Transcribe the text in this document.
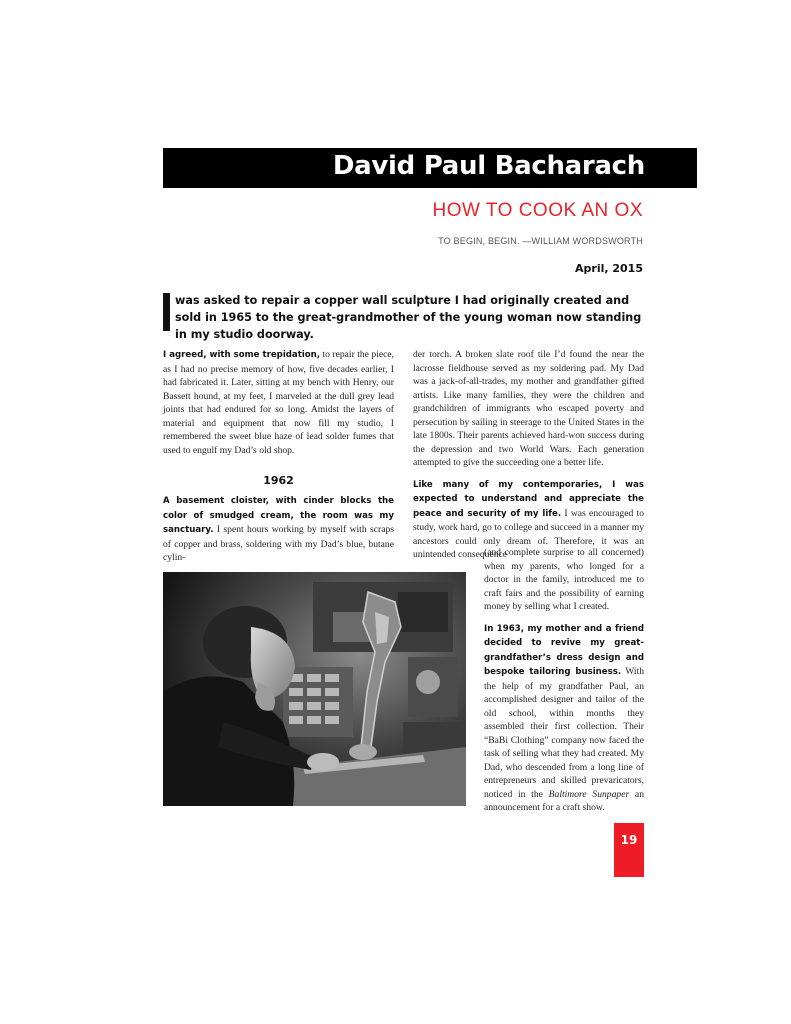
David Paul Bacharach
HOW TO COOK AN OX
TO BEGIN, BEGIN. —WILLIAM WORDSWORTH
April, 2015
was asked to repair a copper wall sculpture I had originally created and sold in 1965 to the great-grandmother of the young woman now standing in my studio doorway.

I agreed, with some trepidation, to repair the piece, as I had no precise memory of how, five decades earlier, I had fabricated it. Later, sitting at my bench with Henry, our Bassett hound, at my feet, I marveled at the dull grey lead joints that had endured for so long. Amidst the layers of material and equipment that now fill my studio, I remembered the sweet blue haze of lead solder fumes that used to engulf my Dad’s old shop.

1962

A basement cloister, with cinder blocks the color of smudged cream, the room was my sanctuary. I spent hours working by myself with scraps of copper and brass, soldering with my Dad’s blue, butane cylin-

der torch. A broken slate roof tile I’d found the near the lacrosse fieldhouse served as my soldering pad. My Dad was a jack-of-all-trades, my mother and grandfather gifted artists. Like many families, they were the children and grandchildren of immigrants who escaped poverty and persecution by sailing in steerage to the United States in the late 1800s. Their parents achieved hard-won success during the depression and two World Wars. Each generation attempted to give the succeeding one a better life.

Like many of my contemporaries, I was expected to understand and appreciate the peace and security of my life. I was encouraged to study, work hard, go to college and succeed in a manner my ancestors could only dream of. Therefore, it was an unintended consequence

(and complete surprise to all concerned) when my parents, who longed for a doctor in the family, introduced me to craft fairs and the possibility of earning money by selling what I created.

In 1963, my mother and a friend decided to revive my great-grandfather’s dress design and bespoke tailoring business. With the help of my grandfather Paul, an accomplished designer and tailor of the old school, within months they assembled their first collection. Their “BaBi Clothing” company now faced the task of selling what they had created. My Dad, who descended from a long line of entrepreneurs and skilled prevaricators, noticed in the Baltimore Sunpaper an announcement for a craft show.

19
